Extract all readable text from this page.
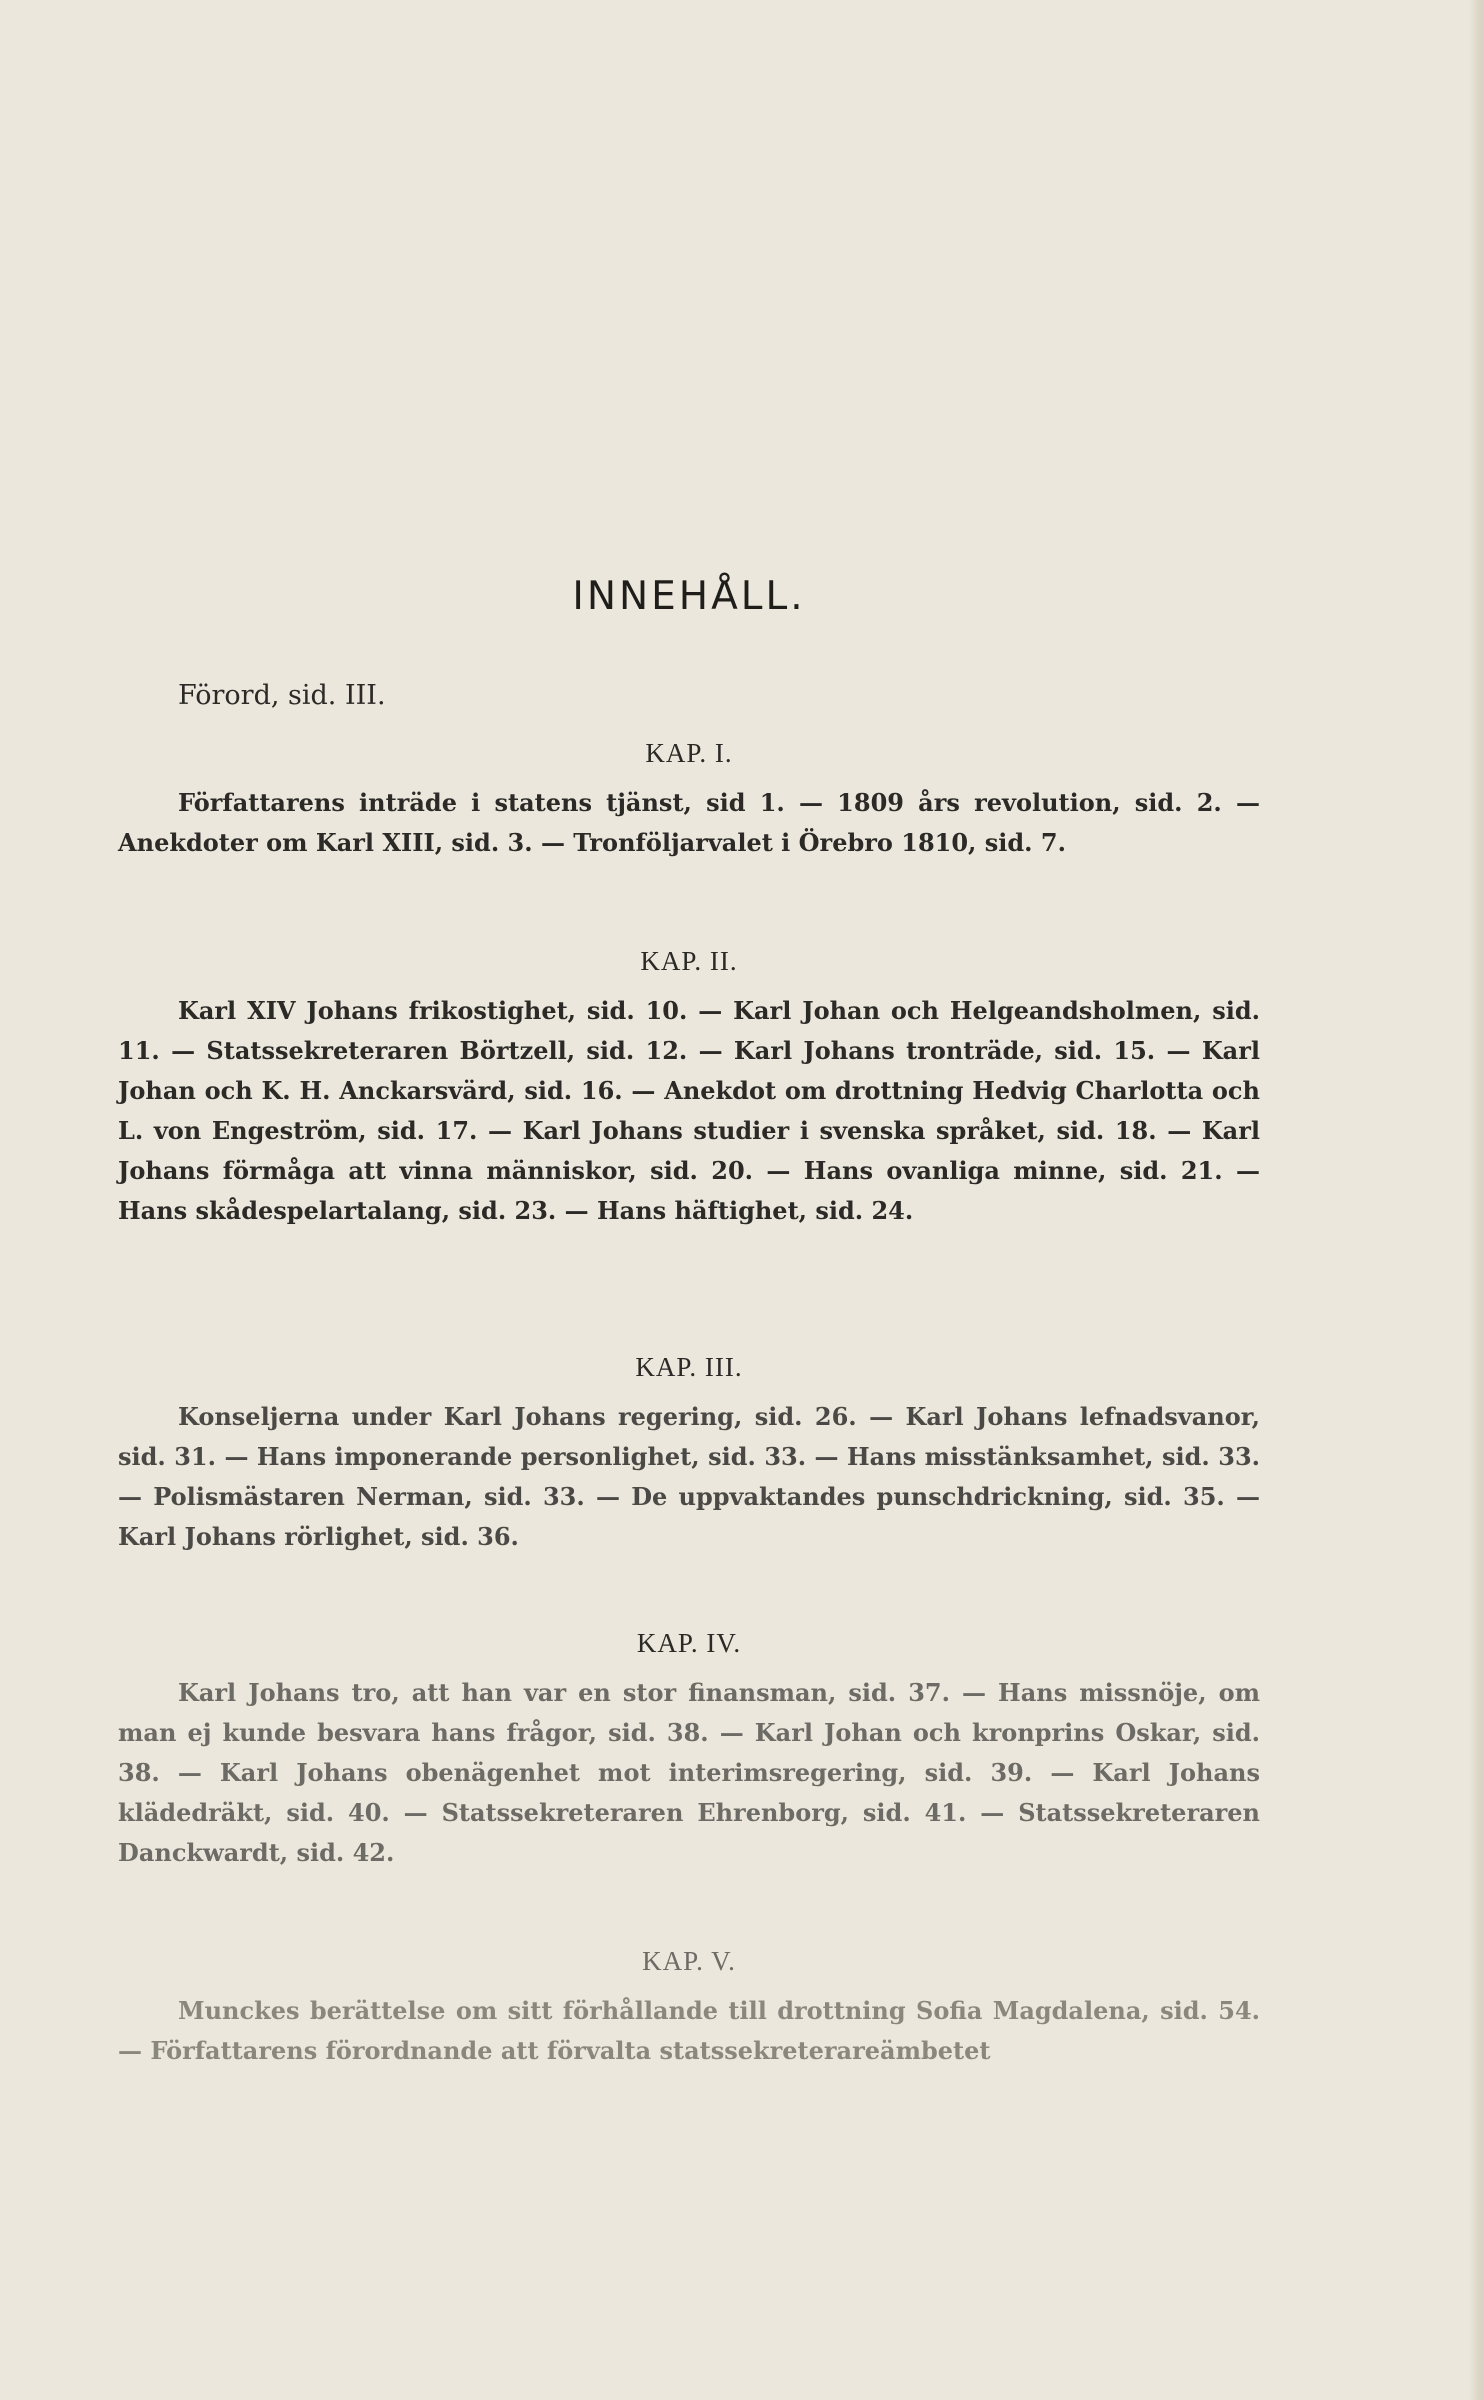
INNEHÅLL.
Förord, sid. III.
KAP. I.

Författarens inträde i statens tjänst, sid 1. — 1809 års revolution, sid. 2. — Anekdoter om Karl XIII, sid. 3. — Tronföljarvalet i Örebro 1810, sid. 7.

KAP. II.

Karl XIV Johans frikostighet, sid. 10. — Karl Johan och Helgeandsholmen, sid. 11. — Statssekreteraren Börtzell, sid. 12. — Karl Johans tronträde, sid. 15. — Karl Johan och K. H. Anckarsvärd, sid. 16. — Anekdot om drottning Hedvig Charlotta och L. von Engeström, sid. 17. — Karl Johans studier i svenska språket, sid. 18. — Karl Johans förmåga att vinna människor, sid. 20. — Hans ovanliga minne, sid. 21. — Hans skådespelartalang, sid. 23. — Hans häftighet, sid. 24.

KAP. III.

Konseljerna under Karl Johans regering, sid. 26. — Karl Johans lefnadsvanor, sid. 31. — Hans imponerande personlighet, sid. 33. — Hans misstänksamhet, sid. 33. — Polismästaren Nerman, sid. 33. — De uppvaktandes punschdrickning, sid. 35. — Karl Johans rörlighet, sid. 36.

KAP. IV.

Karl Johans tro, att han var en stor finansman, sid. 37. — Hans missnöje, om man ej kunde besvara hans frågor, sid. 38. — Karl Johan och kronprins Oskar, sid. 38. — Karl Johans obenägenhet mot interimsregering, sid. 39. — Karl Johans klädedräkt, sid. 40. — Statssekreteraren Ehrenborg, sid. 41. — Statssekreteraren Danckwardt, sid. 42.

KAP. V.

Munckes berättelse om sitt förhållande till drottning Sofia Magdalena, sid. 54. — Författarens förordnande att förvalta statssekreterareämbetet
